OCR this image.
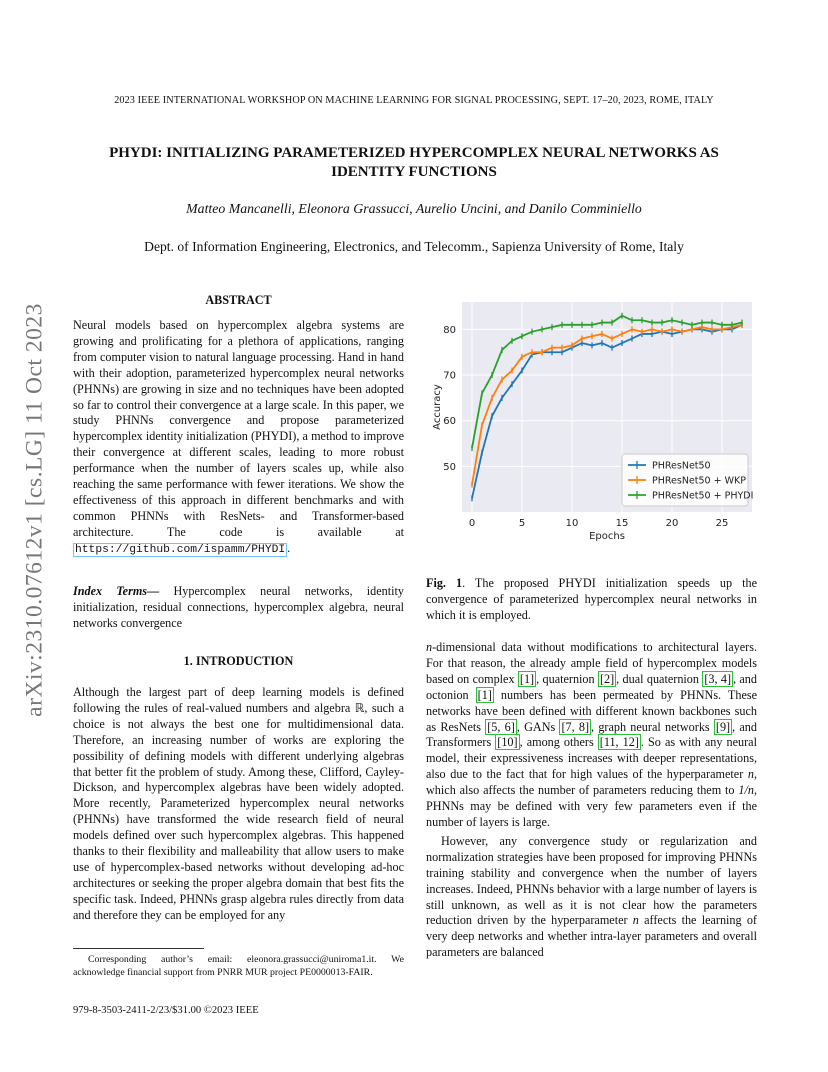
2023 IEEE INTERNATIONAL WORKSHOP ON MACHINE LEARNING FOR SIGNAL PROCESSING, SEPT. 17–20, 2023, ROME, ITALY
PHYDI: INITIALIZING PARAMETERIZED HYPERCOMPLEX NEURAL NETWORKS AS
IDENTITY FUNCTIONS
Matteo Mancanelli, Eleonora Grassucci, Aurelio Uncini, and Danilo Comminiello
Dept. of Information Engineering, Electronics, and Telecomm., Sapienza University of Rome, Italy
arXiv:2310.07612v1 [cs.LG] 11 Oct 2023
ABSTRACT

Neural models based on hypercomplex algebra systems are growing and prolificating for a plethora of applications, ranging from computer vision to natural language processing. Hand in hand with their adoption, parameterized hypercomplex neural networks (PHNNs) are growing in size and no techniques have been adopted so far to control their convergence at a large scale. In this paper, we study PHNNs convergence and propose parameterized hypercomplex identity initialization (PHYDI), a method to improve their convergence at different scales, leading to more robust performance when the number of layers scales up, while also reaching the same performance with fewer iterations. We show the effectiveness of this approach in different benchmarks and with common PHNNs with ResNets- and Transformer-based architecture. The code is available at https://github.com/ispamm/PHYDI .

Index Terms— Hypercomplex neural networks, identity initialization, residual connections, hypercomplex algebra, neural networks convergence

1. INTRODUCTION

Although the largest part of deep learning models is defined following the rules of real-valued numbers and algebra ℝ, such a choice is not always the best one for multidimensional data. Therefore, an increasing number of works are exploring the possibility of defining models with different underlying algebras that better fit the problem of study. Among these, Clifford, Cayley-Dickson, and hypercomplex algebras have been widely adopted. More recently, Parameterized hypercomplex neural networks (PHNNs) have transformed the wide research field of neural models defined over such hypercomplex algebras. This happened thanks to their flexibility and malleability that allow users to make use of hypercomplex-based networks without developing ad-hoc architectures or seeking the proper algebra domain that best fits the specific task. Indeed, PHNNs grasp algebra rules directly from data and therefore they can be employed for any

Corresponding author’s email: eleonora.grassucci@uniroma1.it. We acknowledge financial support from PNRR MUR project PE0000013-FAIR.
979-8-3503-2411-2/23/$31.00 ©2023 IEEE
0	5	10	15	20	25
50
60
70
80
Epochs
Accuracy
PHResNet50
PHResNet50 + WKP
PHResNet50 + PHYDI

Fig. 1. The proposed PHYDI initialization speeds up the convergence of parameterized hypercomplex neural networks in which it is employed.

n-dimensional data without modifications to architectural layers. For that reason, the already ample field of hypercomplex models based on complex [1] , quaternion [2] , dual quaternion [3, 4] , and octonion [1] numbers has been permeated by PHNNs. These networks have been defined with different known backbones such as ResNets [5, 6] , GANs [7, 8] , graph neural networks [9] , and Transformers [10] , among others [11, 12] . So as with any neural model, their expressiveness increases with deeper representations, also due to the fact that for high values of the hyperparameter n, which also affects the number of parameters reducing them to 1/n, PHNNs may be defined with very few parameters even if the number of layers is large.

However, any convergence study or regularization and normalization strategies have been proposed for improving PHNNs training stability and convergence when the number of layers increases. Indeed, PHNNs behavior with a large number of layers is still unknown, as well as it is not clear how the parameters reduction driven by the hyperparameter n affects the learning of very deep networks and whether intra-layer parameters and overall parameters are balanced
